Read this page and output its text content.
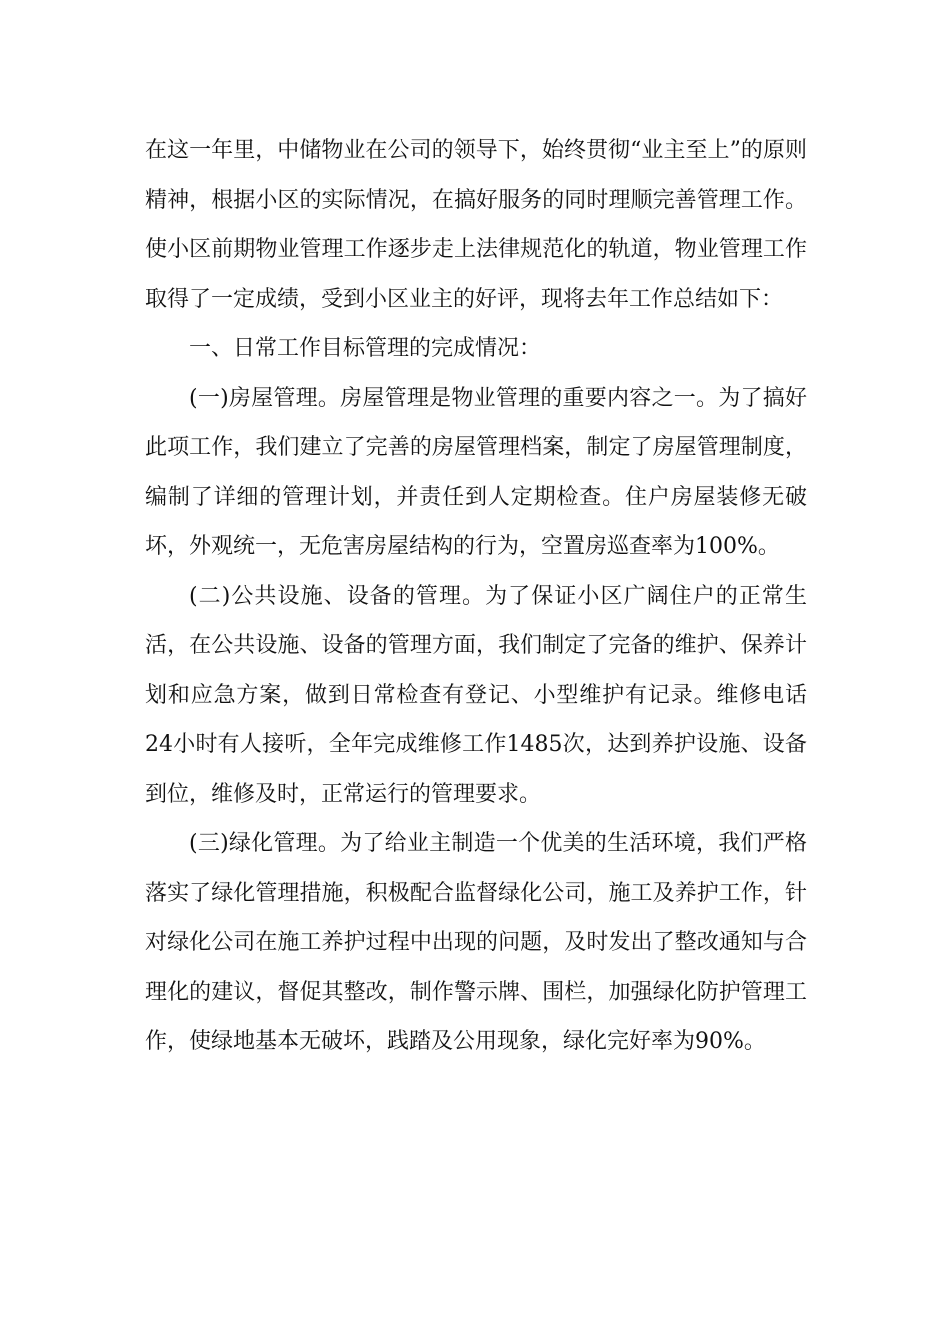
在这一年里，中储物业在公司的领导下，始终贯彻“业主至上”的原则精神，根据小区的实际情况，在搞好服务的同时理顺完善管理工作。使小区前期物业管理工作逐步走上法律规范化的轨道，物业管理工作取得了一定成绩，受到小区业主的好评，现将去年工作总结如下：

一、日常工作目标管理的完成情况：

(一)房屋管理。房屋管理是物业管理的重要内容之一。为了搞好此项工作，我们建立了完善的房屋管理档案，制定了房屋管理制度，编制了详细的管理计划，并责任到人定期检查。住户房屋装修无破坏，外观统一，无危害房屋结构的行为，空置房巡查率为100%。

(二)公共设施、设备的管理。为了保证小区广阔住户的正常生活，在公共设施、设备的管理方面，我们制定了完备的维护、保养计划和应急方案，做到日常检查有登记、小型维护有记录。维修电话24小时有人接听，全年完成维修工作1485次，达到养护设施、设备到位，维修及时，正常运行的管理要求。

(三)绿化管理。为了给业主制造一个优美的生活环境，我们严格落实了绿化管理措施，积极配合监督绿化公司，施工及养护工作，针对绿化公司在施工养护过程中出现的问题，及时发出了整改通知与合理化的建议，督促其整改，制作警示牌、围栏，加强绿化防护管理工作，使绿地基本无破坏，践踏及公用现象，绿化完好率为90%。
